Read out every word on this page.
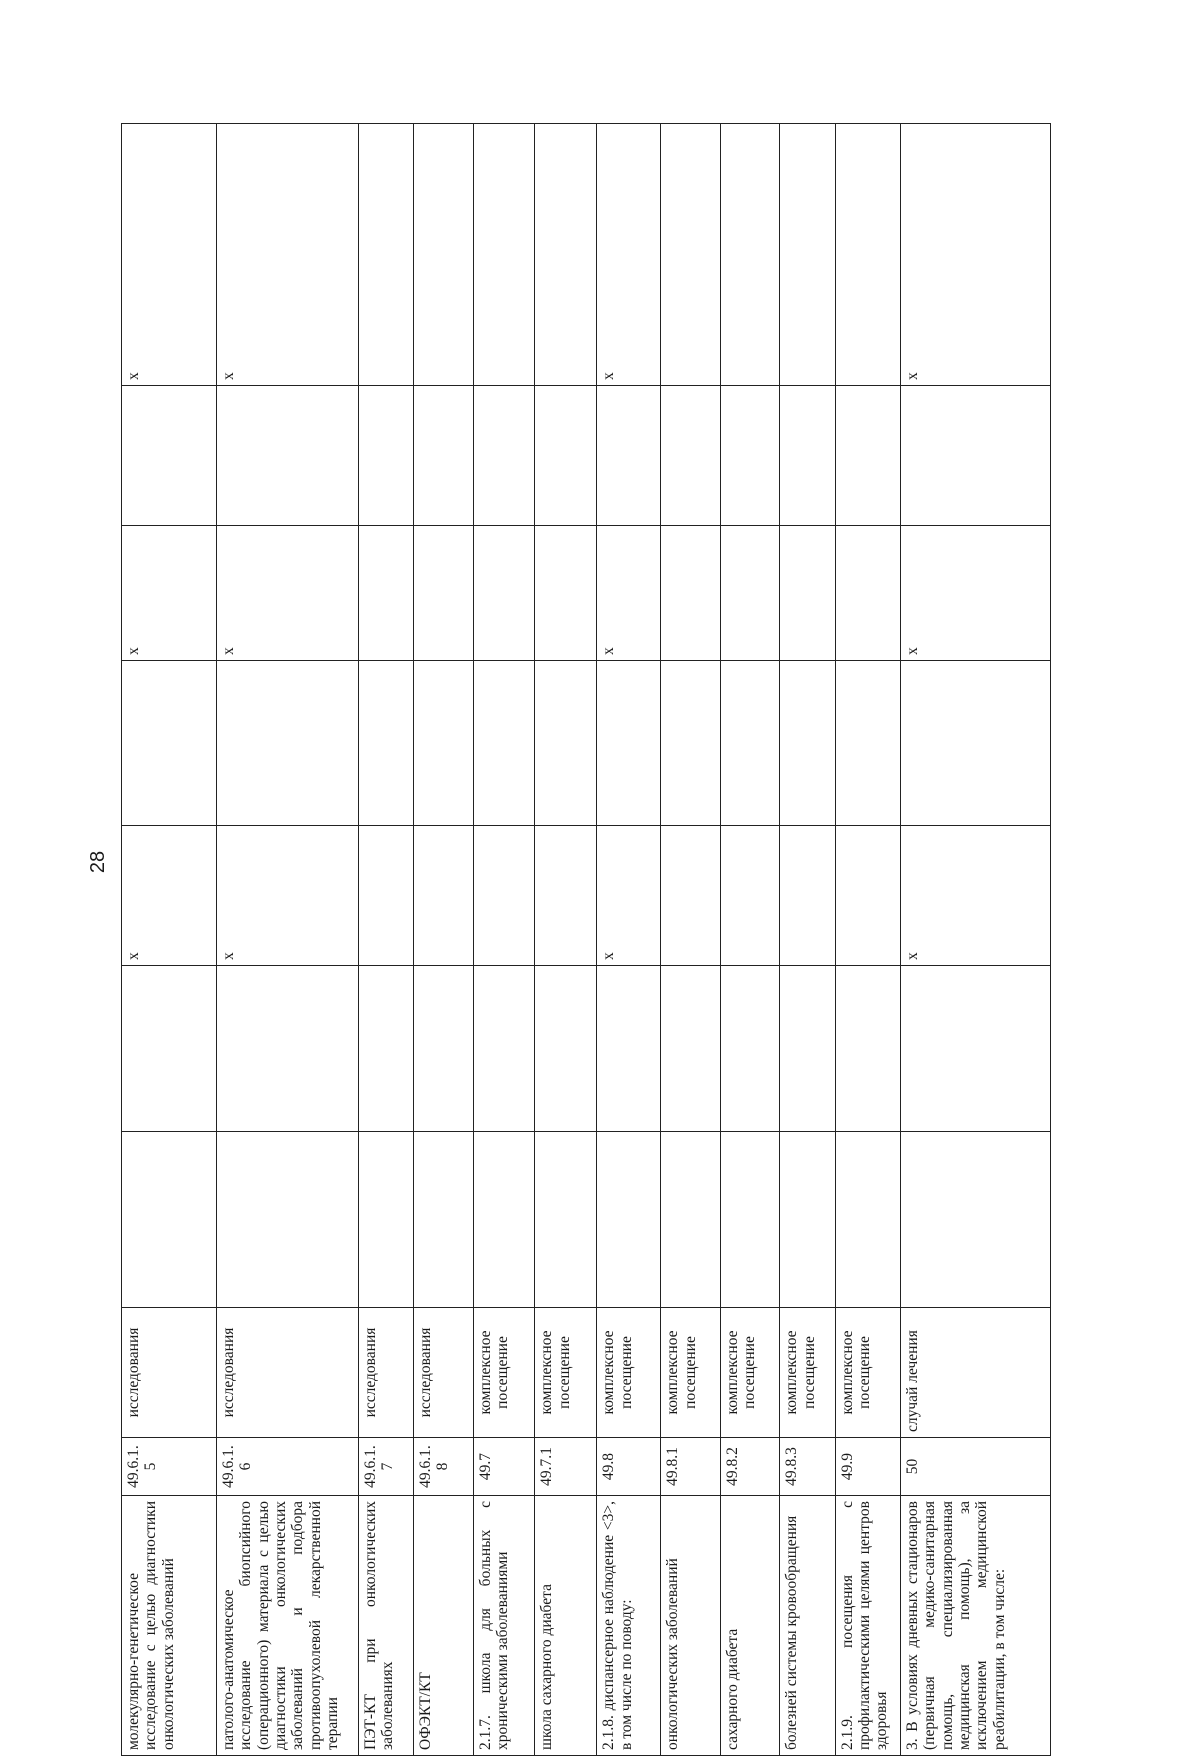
28
молекулярно-генетическое исследование с целью диагностики онкологических заболеваний	49.6.1.5	исследования			x		x		x
патолого-анатомическое исследование биопсийного (операционного) материала с целью диагностики онкологических заболеваний и подбора противоопухолевой лекарственной терапии	49.6.1.6	исследования			x		x		x
ПЭТ-КТ при онкологических заболеваниях	49.6.1.7	исследования							
ОФЭКТ/КТ	49.6.1.8	исследования							
2.1.7. школа для больных с хроническими заболеваниями	49.7	комплексное посещение							
школа сахарного диабета	49.7.1	комплексное посещение							
2.1.8. диспансерное наблюдение <3>, в том числе по поводу:	49.8	комплексное посещение			x		x		x
онкологических заболеваний	49.8.1	комплексное посещение							
сахарного диабета	49.8.2	комплексное посещение							
болезней системы кровообращения	49.8.3	комплексное посещение							
2.1.9. посещения с профилактическими целями центров здоровья	49.9	комплексное посещение							
3. В условиях дневных стационаров (первичная медико-санитарная помощь, специализированная медицинская помощь), за исключением медицинской реабилитации, в том числе:	50	случай лечения			x		x		x
